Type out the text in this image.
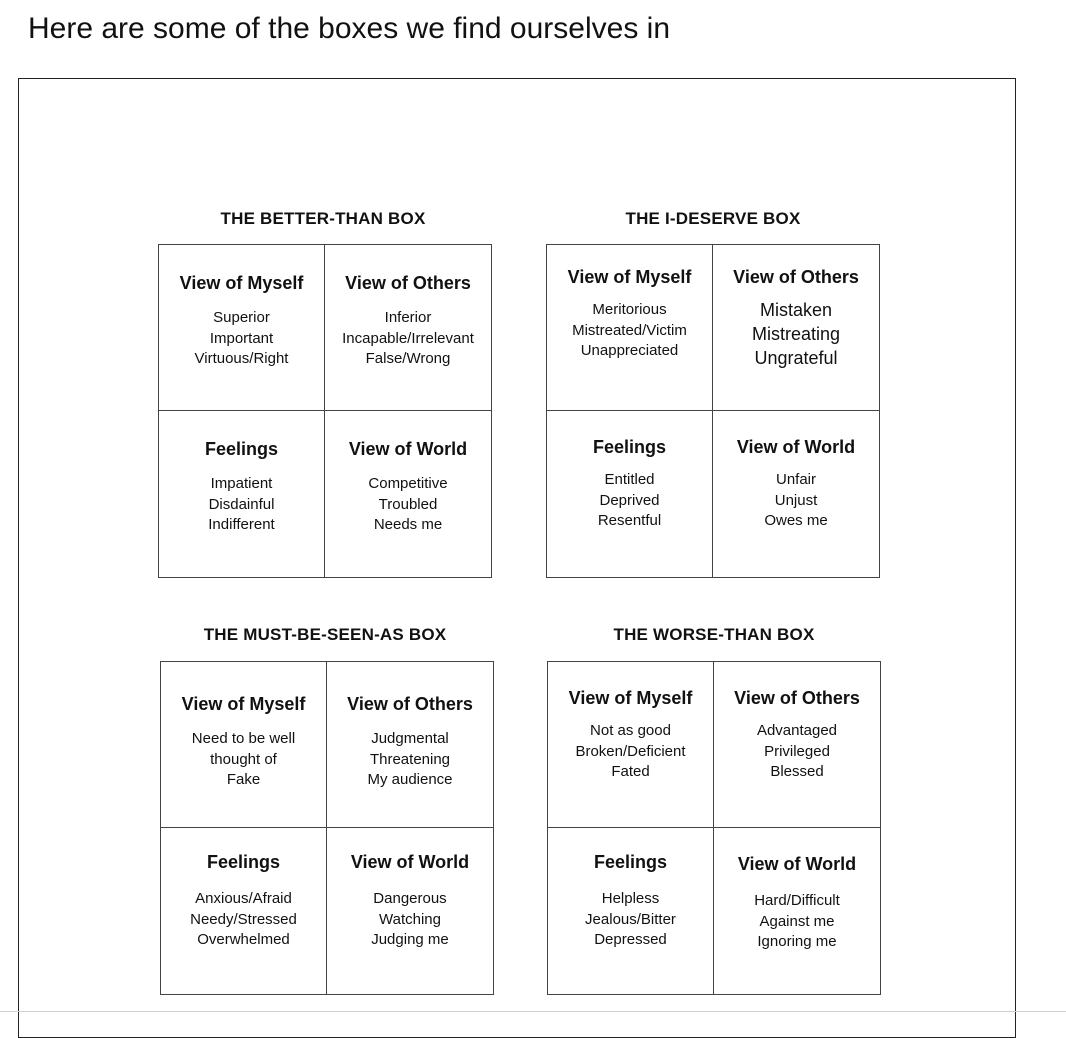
Here are some of the boxes we find ourselves in
THE BETTER-THAN BOX
View of Myself
Superior
Important
Virtuous/Right
View of Others
Inferior
Incapable/Irrelevant
False/Wrong
Feelings
Impatient
Disdainful
Indifferent
View of World
Competitive
Troubled
Needs me
THE I-DESERVE BOX
View of Myself
Meritorious
Mistreated/Victim
Unappreciated
View of Others
Mistaken
Mistreating
Ungrateful
Feelings
Entitled
Deprived
Resentful
View of World
Unfair
Unjust
Owes me
THE MUST-BE-SEEN-AS BOX
View of Myself
Need to be well
thought of
Fake
View of Others
Judgmental
Threatening
My audience
Feelings
Anxious/Afraid
Needy/Stressed
Overwhelmed
View of World
Dangerous
Watching
Judging me
THE WORSE-THAN BOX
View of Myself
Not as good
Broken/Deficient
Fated
View of Others
Advantaged
Privileged
Blessed
Feelings
Helpless
Jealous/Bitter
Depressed
View of World
Hard/Difficult
Against me
Ignoring me
